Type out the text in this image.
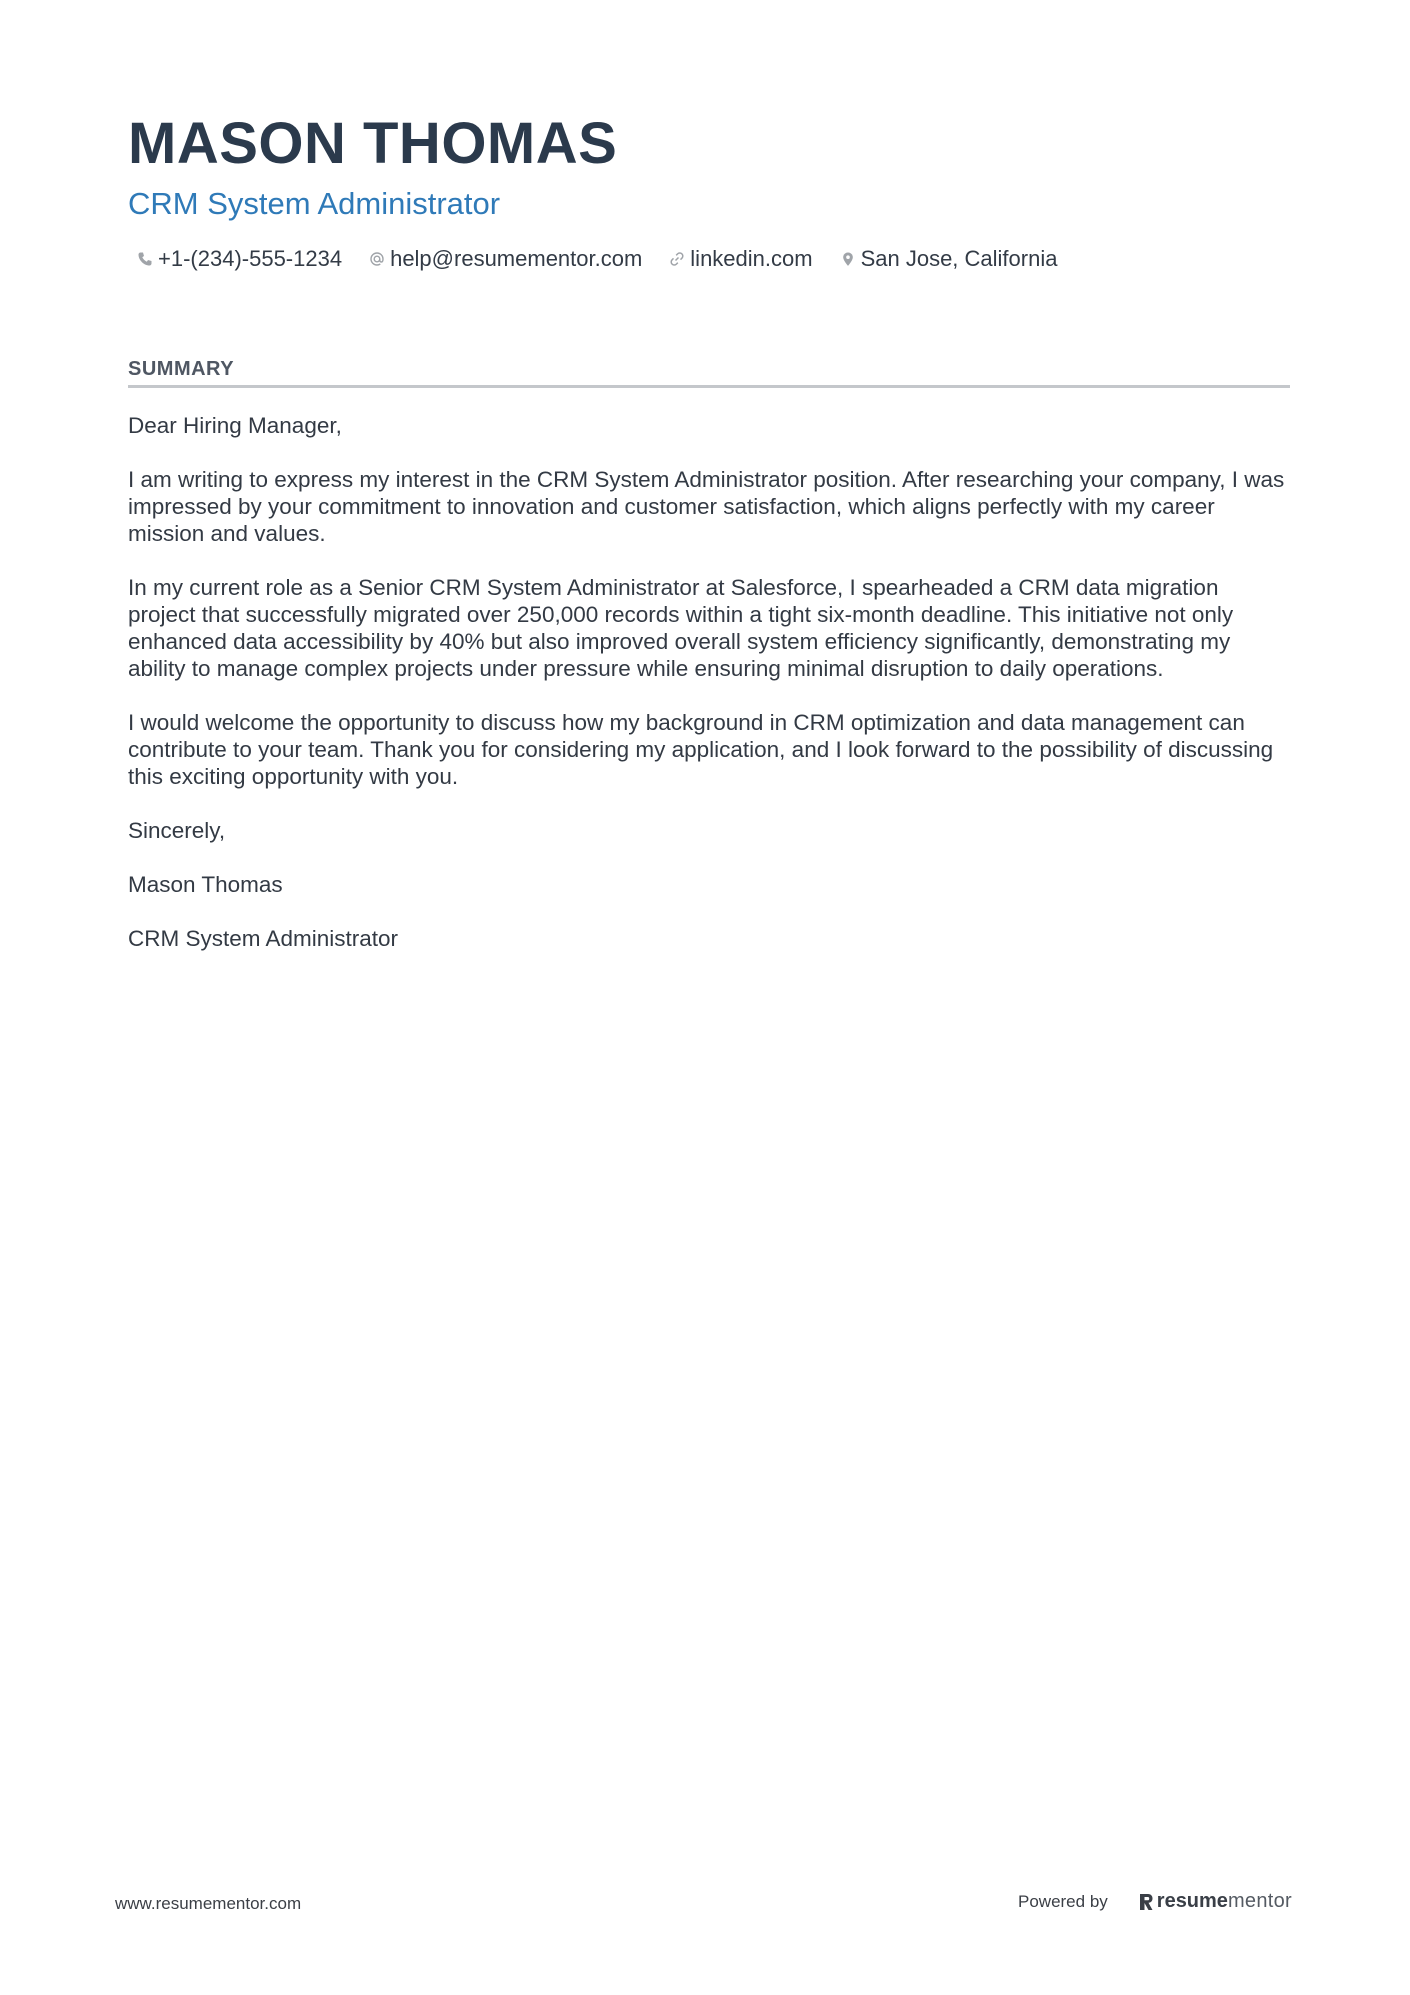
MASON THOMAS
CRM System Administrator
+1-(234)-555-1234 help@resumementor.com linkedin.com San Jose, California
SUMMARY

Dear Hiring Manager,

I am writing to express my interest in the CRM System Administrator position. After researching your company, I was impressed by your commitment to innovation and customer satisfaction, which aligns perfectly with my career mission and values.

In my current role as a Senior CRM System Administrator at Salesforce, I spearheaded a CRM data migration project that successfully migrated over 250,000 records within a tight six-month deadline. This initiative not only enhanced data accessibility by 40% but also improved overall system efficiency significantly, demonstrating my ability to manage complex projects under pressure while ensuring minimal disruption to daily operations.

I would welcome the opportunity to discuss how my background in CRM optimization and data management can contribute to your team. Thank you for considering my application, and I look forward to the possibility of discussing this exciting opportunity with you.

Sincerely,

Mason Thomas

CRM System Administrator

www.resumementor.com	Powered by resume mentor
